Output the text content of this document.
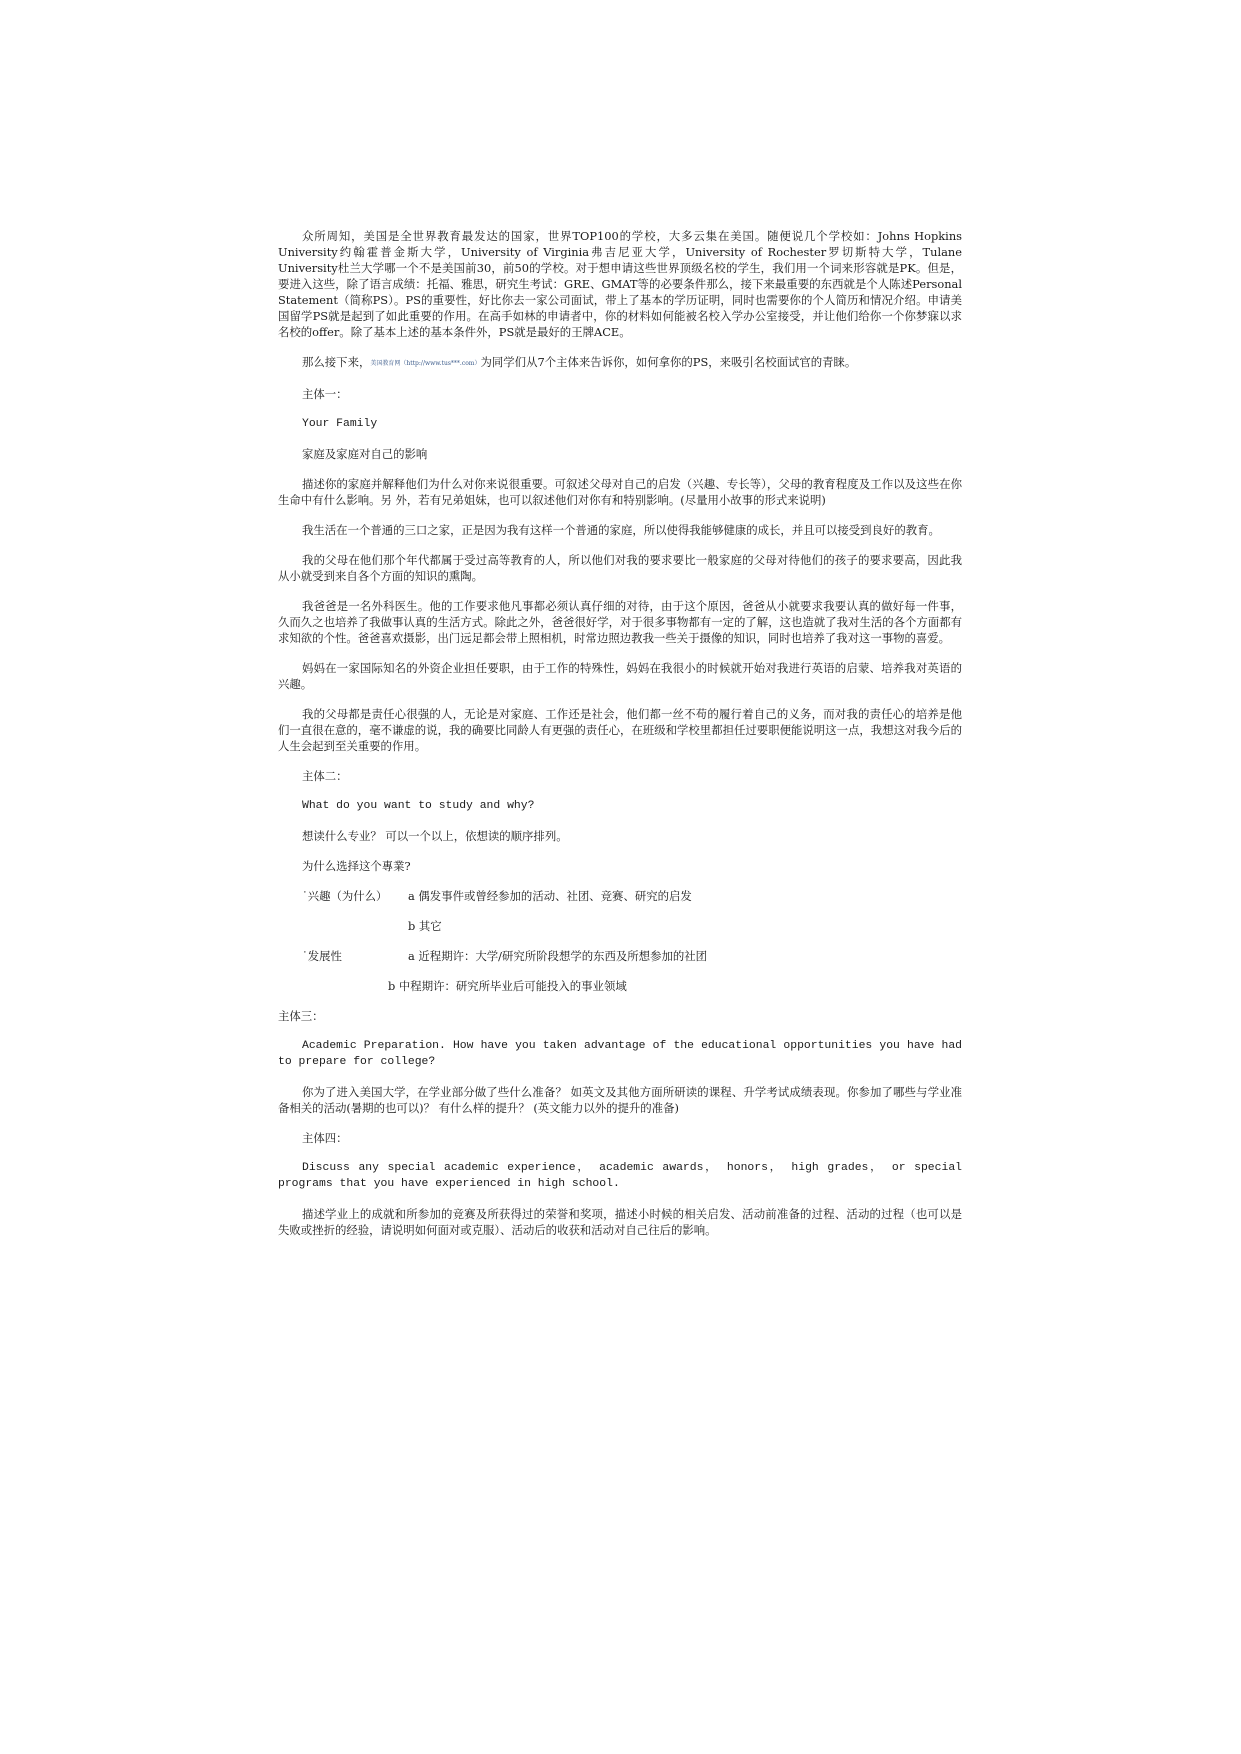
众所周知，美国是全世界教育最发达的国家，世界TOP100的学校，大多云集在美国。随便说几个学校如：Johns Hopkins University约翰霍普金斯大学，University of Virginia弗吉尼亚大学，University of Rochester罗切斯特大学，Tulane University杜兰大学哪一个不是美国前30，前50的学校。对于想申请这些世界顶级名校的学生，我们用一个词来形容就是PK。但是，要进入这些，除了语言成绩：托福、雅思，研究生考试：GRE、GMAT等的必要条件那么，接下来最重要的东西就是个人陈述Personal Statement（简称PS）。PS的重要性，好比你去一家公司面试，带上了基本的学历证明，同时也需要你的个人简历和情况介绍。申请美国留学PS就是起到了如此重要的作用。在高手如林的申请者中，你的材料如何能被名校入学办公室接受，并让他们给你一个你梦寐以求名校的offer。除了基本上述的基本条件外，PS就是最好的王牌ACE。

那么接下来，美国教育网（http://www.tus***.com）为同学们从7个主体来告诉你，如何拿你的PS，来吸引名校面试官的青睐。

主体一：

Your Family

家庭及家庭对自己的影响

描述你的家庭并解释他们为什么对你来说很重要。可叙述父母对自己的启发（兴趣、专长等），父母的教育程度及工作以及这些在你生命中有什么影响。另 外，若有兄弟姐妹，也可以叙述他们对你有和特别影响。(尽量用小故事的形式来说明)

我生活在一个普通的三口之家，正是因为我有这样一个普通的家庭，所以使得我能够健康的成长，并且可以接受到良好的教育。

我的父母在他们那个年代都属于受过高等教育的人，所以他们对我的要求要比一般家庭的父母对待他们的孩子的要求要高，因此我从小就受到来自各个方面的知识的熏陶。

我爸爸是一名外科医生。他的工作要求他凡事都必须认真仔细的对待，由于这个原因，爸爸从小就要求我要认真的做好每一件事，久而久之也培养了我做事认真的生活方式。除此之外，爸爸很好学，对于很多事物都有一定的了解，这也造就了我对生活的各个方面都有求知欲的个性。爸爸喜欢摄影，出门远足都会带上照相机，时常边照边教我一些关于摄像的知识，同时也培养了我对这一事物的喜爱。

妈妈在一家国际知名的外资企业担任要职，由于工作的特殊性，妈妈在我很小的时候就开始对我进行英语的启蒙、培养我对英语的兴趣。

我的父母都是责任心很强的人，无论是对家庭、工作还是社会，他们都一丝不苟的履行着自己的义务，而对我的责任心的培养是他们一直很在意的，毫不谦虚的说，我的确要比同龄人有更强的责任心，在班级和学校里都担任过要职便能说明这一点，我想这对我今后的人生会起到至关重要的作用。

主体二：

What do you want to study and why?

想读什么专业？ 可以一个以上，依想读的顺序排列。

为什么选择这个專業?

˙兴趣（为什么）	a 偶发事件或曾经参加的活动、社团、竞赛、研究的启发
b 其它
˙发展性	a 近程期许：大学/研究所阶段想学的东西及所想参加的社团
b 中程期许：研究所毕业后可能投入的事业领域

主体三：

Academic Preparation. How have you taken advantage of the educational opportunities you have had to prepare for college?

你为了进入美国大学，在学业部分做了些什么准备？ 如英文及其他方面所研读的课程、升学考试成绩表现。你参加了哪些与学业准备相关的活动(暑期的也可以)？ 有什么样的提升？ (英文能力以外的提升的准备)

主体四：

Discuss any special academic experience， academic awards， honors， high grades， or special programs that you have experienced in high school.

描述学业上的成就和所参加的竞赛及所获得过的荣誉和奖项，描述小时候的相关启发、活动前准备的过程、活动的过程（也可以是失败或挫折的经验，请说明如何面对或克服）、活动后的收获和活动对自己往后的影响。
